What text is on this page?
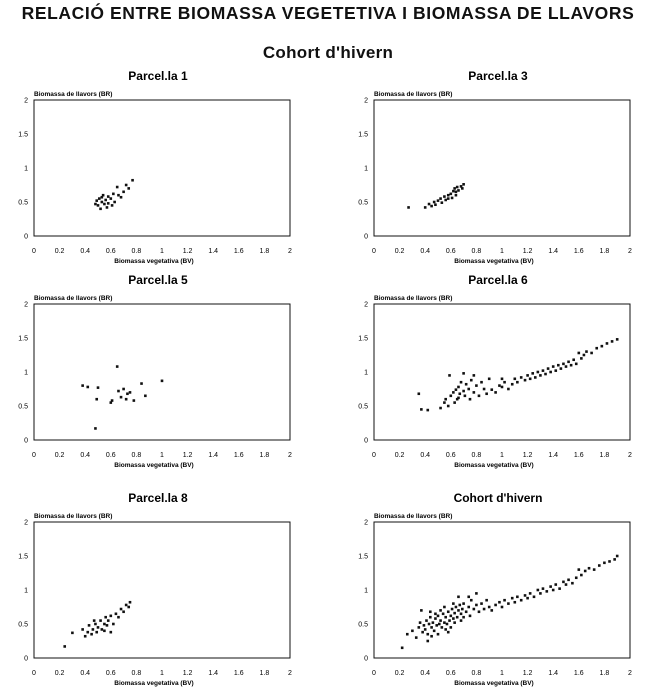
RELACIÓ ENTRE BIOMASSA VEGETETIVA I BIOMASSA DE LLAVORS
Cohort d'hivern
Parcel.la 1
Biomassa de llavors (BR)
0
0.5
1
1.5
2
0	0.2 0.4 0.6 0.8	1	1.2 1.4 1.6 1.8	2
Biomassa vegetativa (BV)
Parcel.la 3
Biomassa de llavors (BR)
0
0.5
1
1.5
2
0	0.2 0.4 0.6 0.8	1	1.2 1.4 1.6 1.8	2
Biomassa vegetativa (BV)
Parcel.la 5
Biomassa de llavors (BR)
0
0.5
1
1.5
2
0	0.2 0.4 0.6 0.8	1	1.2 1.4 1.6 1.8	2
Biomassa vegetativa (BV)
Parcel.la 6
Biomassa de llavors (BR)
0
0.5
1
1.5
2
0	0.2 0.4 0.6 0.8	1	1.2 1.4 1.6 1.8	2
Biomassa vegetativa (BV)
Parcel.la 8
Biomassa de llavors (BR)
0
0.5
1
1.5
2
0	0.2 0.4 0.6 0.8	1	1.2 1.4 1.6 1.8	2
Biomassa vegetativa (BV)
Cohort d'hivern
Biomassa de llavors (BR)
0
0.5
1
1.5
2
0	0.2 0.4 0.6 0.8	1	1.2 1.4 1.6 1.8	2
Biomassa vegetativa (BV)
